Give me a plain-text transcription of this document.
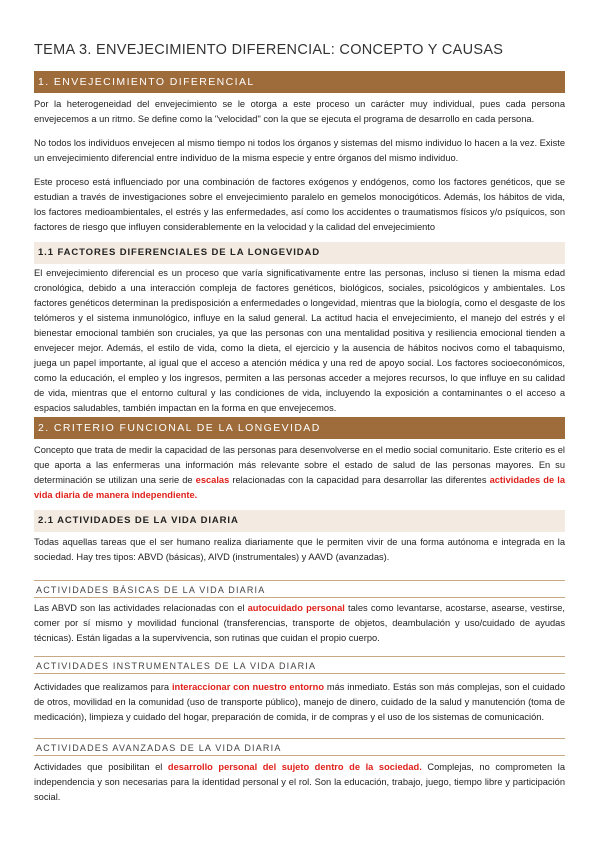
TEMA 3. ENVEJECIMIENTO DIFERENCIAL: CONCEPTO Y CAUSAS
1. ENVEJECIMIENTO DIFERENCIAL
Por la heterogeneidad del envejecimiento se le otorga a este proceso un carácter muy individual, pues cada persona envejecemos a un ritmo. Se define como la "velocidad" con la que se ejecuta el programa de desarrollo en cada persona.
No todos los individuos envejecen al mismo tiempo ni todos los órganos y sistemas del mismo individuo lo hacen a la vez. Existe un envejecimiento diferencial entre individuo de la misma especie y entre órganos del mismo individuo.
Este proceso está influenciado por una combinación de factores exógenos y endógenos, como los factores genéticos, que se estudian a través de investigaciones sobre el envejecimiento paralelo en gemelos monocigóticos. Además, los hábitos de vida, los factores medioambientales, el estrés y las enfermedades, así como los accidentes o traumatismos físicos y/o psíquicos, son factores de riesgo que influyen considerablemente en la velocidad y la calidad del envejecimiento
1.1 FACTORES DIFERENCIALES DE LA LONGEVIDAD
El envejecimiento diferencial es un proceso que varía significativamente entre las personas, incluso si tienen la misma edad cronológica, debido a una interacción compleja de factores genéticos, biológicos, sociales, psicológicos y ambientales. Los factores genéticos determinan la predisposición a enfermedades o longevidad, mientras que la biología, como el desgaste de los telómeros y el sistema inmunológico, influye en la salud general. La actitud hacia el envejecimiento, el manejo del estrés y el bienestar emocional también son cruciales, ya que las personas con una mentalidad positiva y resiliencia emocional tienden a envejecer mejor. Además, el estilo de vida, como la dieta, el ejercicio y la ausencia de hábitos nocivos como el tabaquismo, juega un papel importante, al igual que el acceso a atención médica y una red de apoyo social. Los factores socioeconómicos, como la educación, el empleo y los ingresos, permiten a las personas acceder a mejores recursos, lo que influye en su calidad de vida, mientras que el entorno cultural y las condiciones de vida, incluyendo la exposición a contaminantes o el acceso a espacios saludables, también impactan en la forma en que envejecemos.
2. CRITERIO FUNCIONAL DE LA LONGEVIDAD
Concepto que trata de medir la capacidad de las personas para desenvolverse en el medio social comunitario. Este criterio es el que aporta a las enfermeras una información más relevante sobre el estado de salud de las personas mayores. En su determinación se utilizan una serie de escalas relacionadas con la capacidad para desarrollar las diferentes actividades de la vida diaria de manera independiente.
2.1 ACTIVIDADES DE LA VIDA DIARIA
Todas aquellas tareas que el ser humano realiza diariamente que le permiten vivir de una forma autónoma e integrada en la sociedad. Hay tres tipos: ABVD (básicas), AIVD (instrumentales) y AAVD (avanzadas).
ACTIVIDADES BÁSICAS DE LA VIDA DIARIA
Las ABVD son las actividades relacionadas con el autocuidado personal tales como levantarse, acostarse, asearse, vestirse, comer por sí mismo y movilidad funcional (transferencias, transporte de objetos, deambulación y uso/cuidado de ayudas técnicas). Están ligadas a la supervivencia, son rutinas que cuidan el propio cuerpo.
ACTIVIDADES INSTRUMENTALES DE LA VIDA DIARIA
Actividades que realizamos para interaccionar con nuestro entorno más inmediato. Estás son más complejas, son el cuidado de otros, movilidad en la comunidad (uso de transporte público), manejo de dinero, cuidado de la salud y manutención (toma de medicación), limpieza y cuidado del hogar, preparación de comida, ir de compras y el uso de los sistemas de comunicación.
ACTIVIDADES AVANZADAS DE LA VIDA DIARIA
Actividades que posibilitan el desarrollo personal del sujeto dentro de la sociedad. Complejas, no comprometen la independencia y son necesarias para la identidad personal y el rol. Son la educación, trabajo, juego, tiempo libre y participación social.
